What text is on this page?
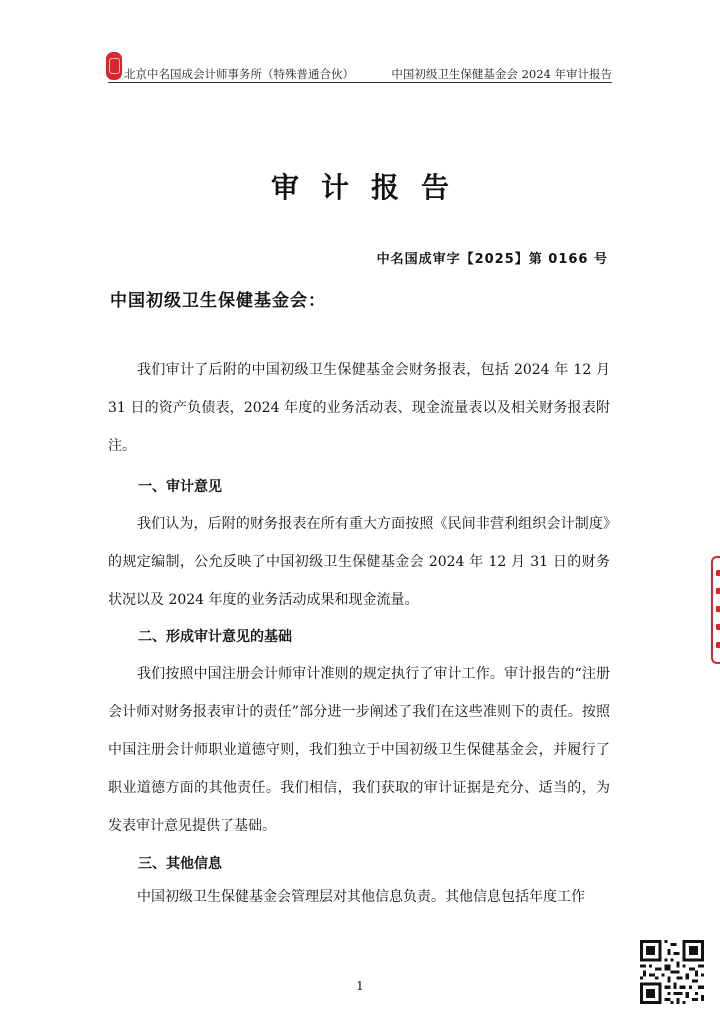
北京中名国成会计师事务所（特殊普通合伙）	中国初级卫生保健基金会 2024 年审计报告
审计报告
中名国成审字【2025】第 0166 号
中国初级卫生保健基金会：
我们审计了后附的中国初级卫生保健基金会财务报表，包括 2024 年 12 月 31 日的资产负债表，2024 年度的业务活动表、现金流量表以及相关财务报表附注。
一、审计意见
我们认为，后附的财务报表在所有重大方面按照《民间非营利组织会计制度》的规定编制，公允反映了中国初级卫生保健基金会 2024 年 12 月 31 日的财务状况以及 2024 年度的业务活动成果和现金流量。
二、形成审计意见的基础
我们按照中国注册会计师审计准则的规定执行了审计工作。审计报告的“注册会计师对财务报表审计的责任”部分进一步阐述了我们在这些准则下的责任。按照中国注册会计师职业道德守则，我们独立于中国初级卫生保健基金会，并履行了职业道德方面的其他责任。我们相信，我们获取的审计证据是充分、适当的，为发表审计意见提供了基础。
三、其他信息
中国初级卫生保健基金会管理层对其他信息负责。其他信息包括年度工作
1
